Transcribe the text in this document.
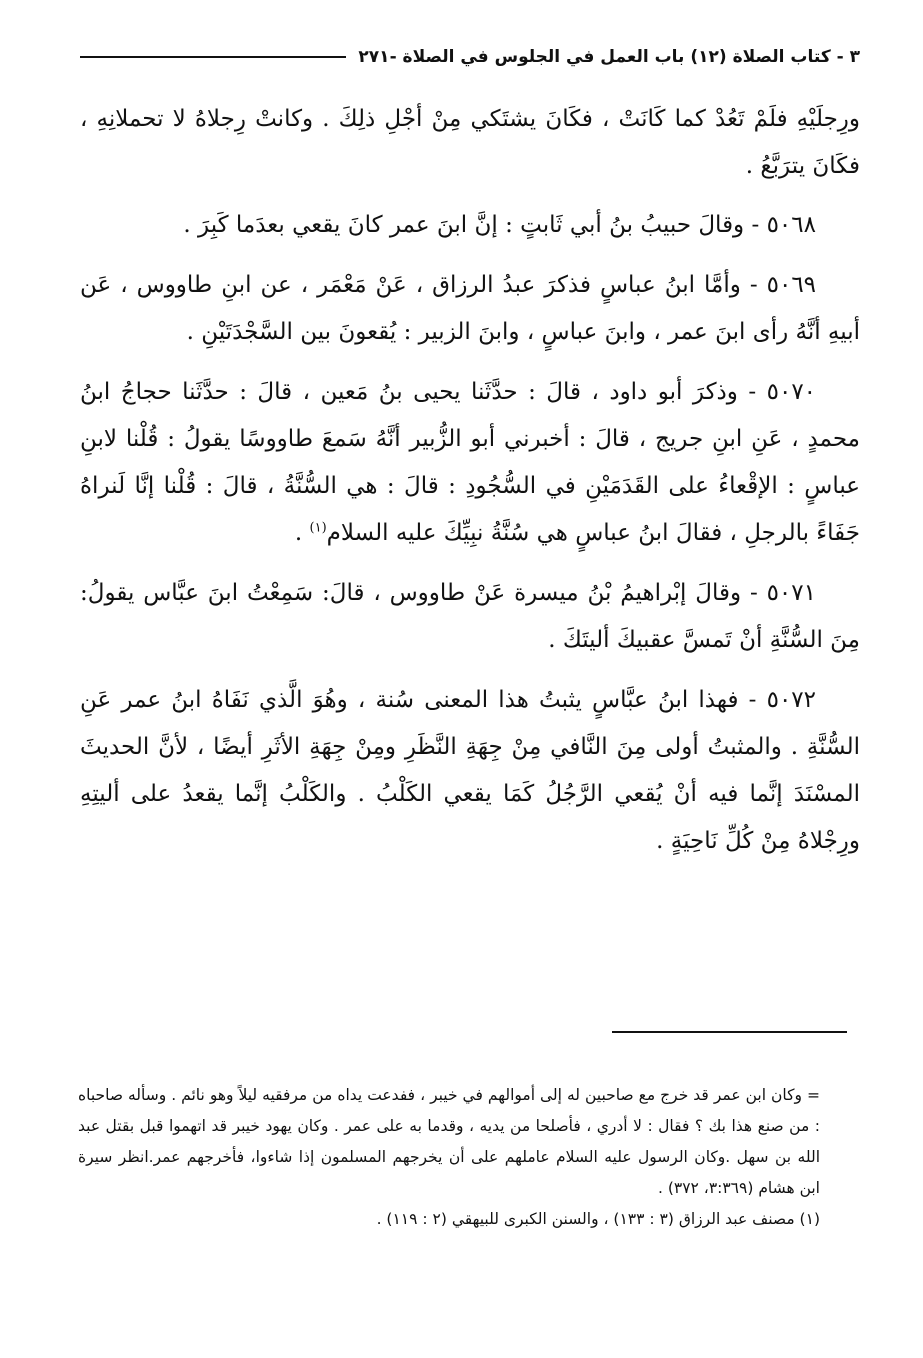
٣ - كتاب الصلاة (١٢) باب العمل في الجلوس في الصلاة -٢٧١

ورِجلَيْهِ فلَمْ تَعُدْ كما كَانَتْ ، فكَانَ يشتَكي مِنْ أجْلِ ذلِكَ . وكانتْ رِجلاهُ لا تحملانِهِ ، فكَانَ يترَبَّعُ .

٥٠٦٨ - وقالَ حبيبُ بنُ أبي ثَابتٍ : إنَّ ابنَ عمر كانَ يقعي بعدَما كَبِرَ .

٥٠٦٩ - وأمَّا ابنُ عباسٍ فذكرَ عبدُ الرزاق ، عَنْ مَعْمَر ، عن ابنِ طاووس ، عَن أبيهِ أنَّهُ رأى ابنَ عمر ، وابنَ عباسٍ ، وابنَ الزبير : يُقعونَ بين السَّجْدَتَيْنِ .

٥٠٧٠ - وذكرَ أبو داود ، قالَ : حدَّثَنا يحيى بنُ مَعين ، قالَ : حدَّثَنا حجاجُ ابنُ محمدٍ ، عَنِ ابنِ جريج ، قالَ : أخبرني أبو الزُّبير أنَّهُ سَمعَ طاووسًا يقولُ : قُلْنا لابنِ عباسٍ : الإقْعاءُ على القَدَمَيْنِ في السُّجُودِ : قالَ : هي السُّنَّةُ ، قالَ : قُلْنا إنَّا لَنراهُ جَفَاءً بالرجلِ ، فقالَ ابنُ عباسٍ هي سُنَّةُ نبِيِّكَ عليه السلام$^{(١)}$ .

٥٠٧١ - وقالَ إبْراهيمُ بْنُ ميسرة عَنْ طاووس ، قالَ: سَمِعْتُ ابنَ عبَّاس يقولُ: مِنَ السُّنَّةِ أنْ تَمسَّ عقبيكَ أليتَكَ .

٥٠٧٢ - فهذا ابنُ عبَّاسٍ يثبتُ هذا المعنى سُنة ، وهُوَ الَّذي نَفَاهُ ابنُ عمر عَنِ السُّنَّةِ . والمثبتُ أولى مِنَ النَّافي مِنْ جِهَةِ النَّظَرِ ومِنْ جِهَةِ الأثَرِ أيضًا ، لأنَّ الحديثَ المسْنَدَ إنَّما فيه أنْ يُقعي الرَّجُلُ كَمَا يقعي الكَلْبُ . والكَلْبُ إنَّما يقعدُ على أليتِهِ ورِجْلاهُ مِنْ كُلِّ نَاحِيَةٍ .

= وكان ابن عمر قد خرج مع صاحبين له إلى أموالهم في خيبر ، ففدعت يداه من مرفقيه ليلاً وهو نائم . وسأله صاحباه : من صنع هذا بك ؟ فقال : لا أدري ، فأصلحا من يديه ، وقدما به على عمر . وكان يهود خيبر قد اتهموا قبل بقتل عبد الله بن سهل .وكان الرسول عليه السلام عاملهم على أن يخرجهم المسلمون إذا شاءوا، فأخرجهم عمر.انظر سيرة ابن هشام (٣:٣٦٩، ٣٧٢) .

(١) مصنف عبد الرزاق (٣ : ١٣٣) ، والسنن الكبرى للبيهقي (٢ : ١١٩) .
